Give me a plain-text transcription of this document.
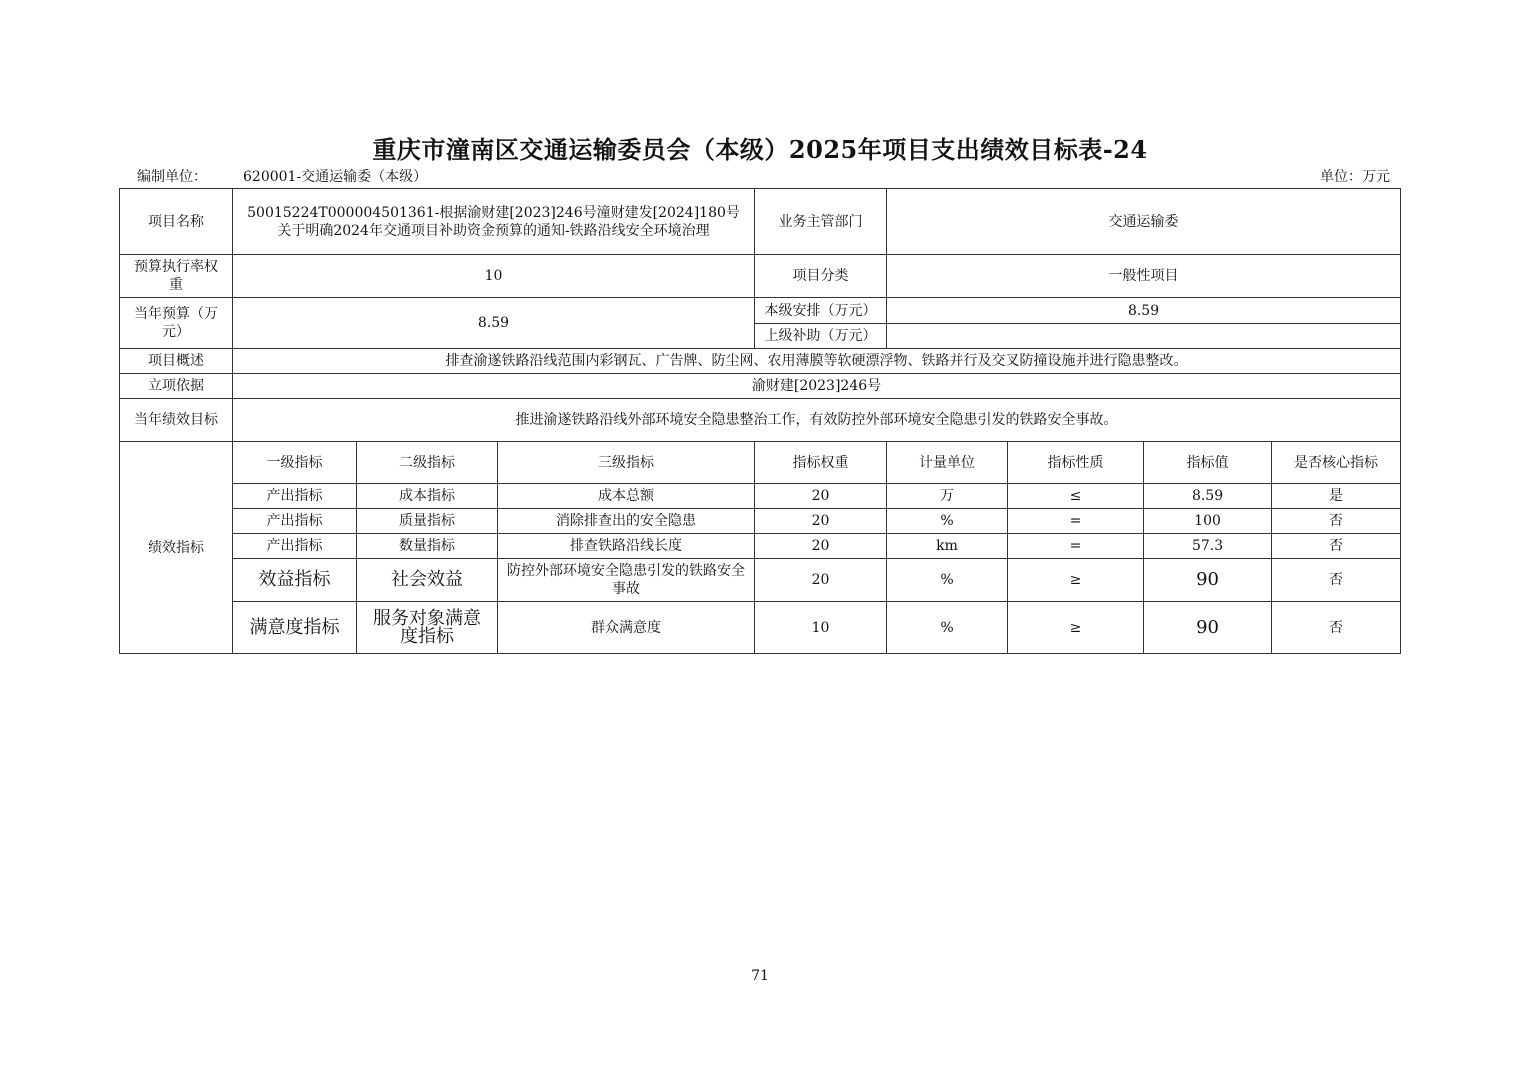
重庆市潼南区交通运输委员会（本级）2025年项目支出绩效目标表-24
编制单位：	620001-交通运输委（本级）	单位：万元
项目名称	50015224T000004501361-根据渝财建[2023]246号潼财建发[2024]180号关于明确2024年交通项目补助资金预算的通知-铁路沿线安全环境治理			业务主管部门	交通运输委			
预算执行率权重	10			项目分类	一般性项目			
当年预算（万元）	8.59			本级安排（万元）	8.59			
				上级补助（万元）				
项目概述	排查渝遂铁路沿线范围内彩钢瓦、广告牌、防尘网、农用薄膜等软硬漂浮物、铁路并行及交叉防撞设施并进行隐患整改。							
立项依据	渝财建[2023]246号							
当年绩效目标	推进渝遂铁路沿线外部环境安全隐患整治工作，有效防控外部环境安全隐患引发的铁路安全事故。							
绩效指标	一级指标	二级指标	三级指标	指标权重	计量单位	指标性质	指标值	是否核心指标
	产出指标	成本指标	成本总额	20	万	≤	8.59	是
	产出指标	质量指标	消除排查出的安全隐患	20	%	=	100	否
	产出指标	数量指标	排查铁路沿线长度	20	km	=	57.3	否
	效益指标	社会效益	防控外部环境安全隐患引发的铁路安全事故	20	%	≥	90	否
	满意度指标	服务对象满意度指标	群众满意度	10	%	≥	90	否
71
